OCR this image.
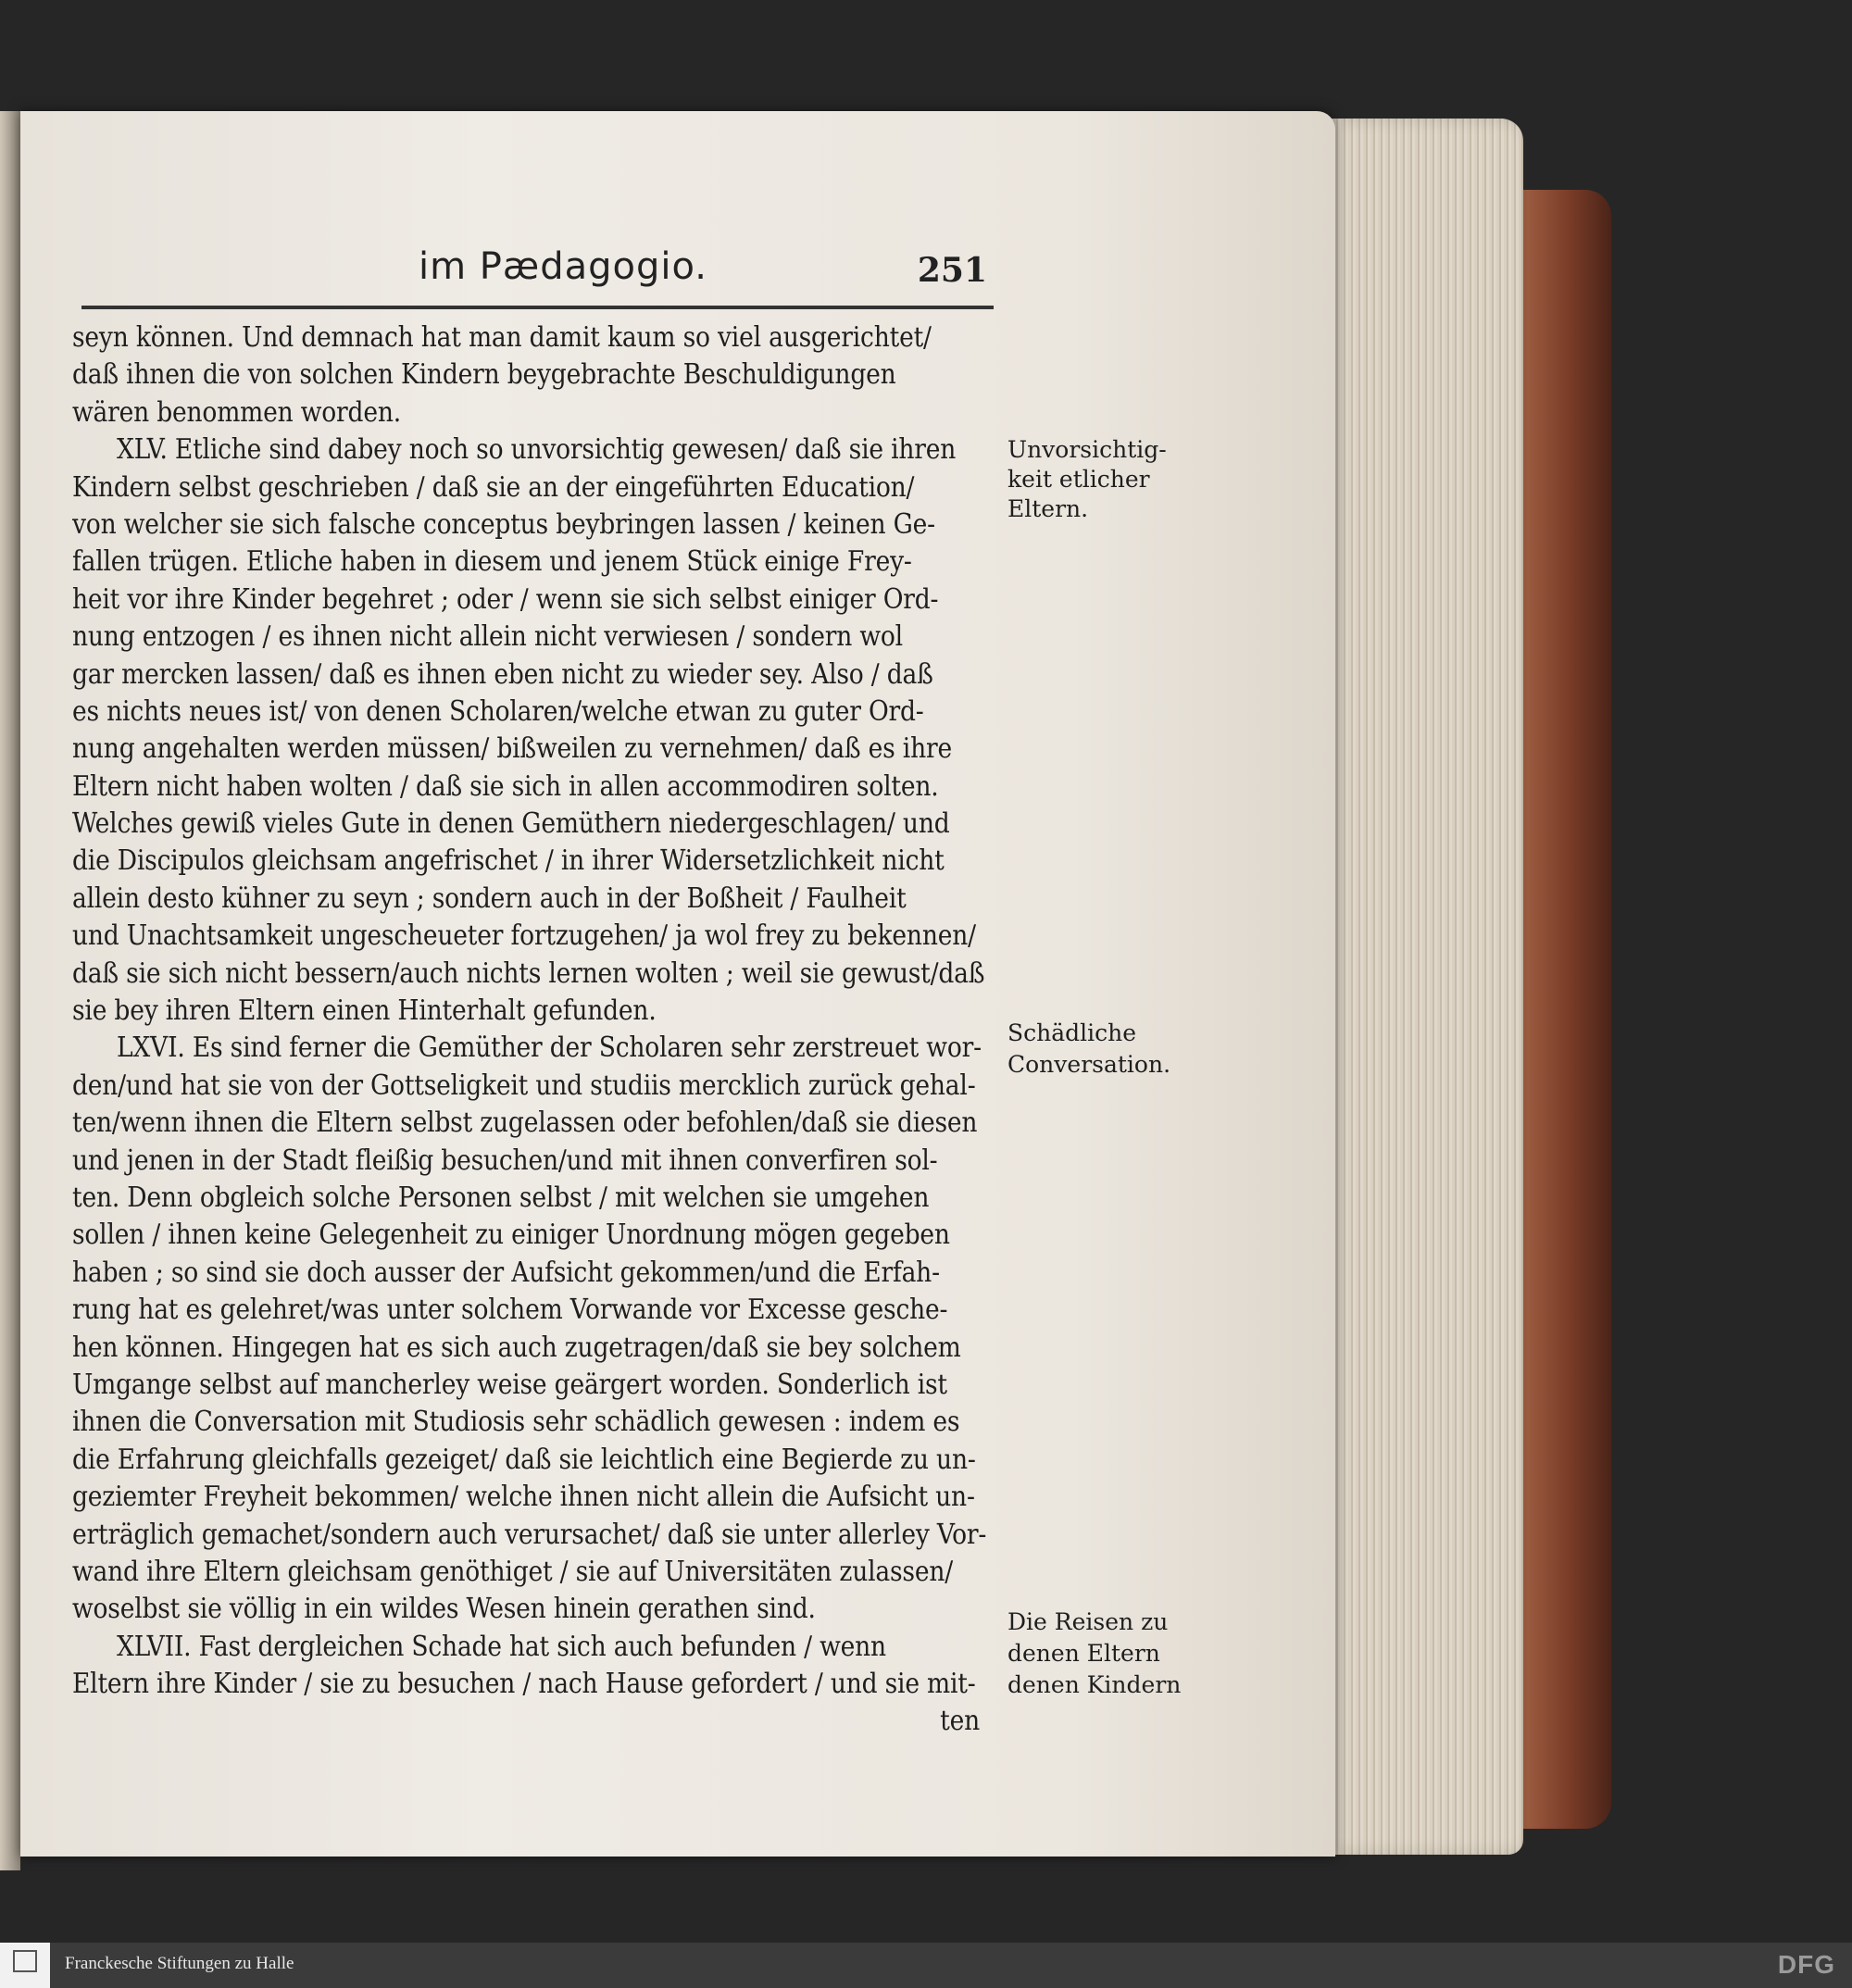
im Pædagogio.	251
seyn können. Und demnach hat man damit kaum so viel ausgerichtet/
daß ihnen die von solchen Kindern beygebrachte Beschuldigungen
wären benommen worden.
XLV. Etliche sind dabey noch so unvorsichtig gewesen/ daß sie ihren
Kindern selbst geschrieben / daß sie an der eingeführten Education/
von welcher sie sich falsche conceptus beybringen lassen / keinen Ge-
fallen trügen. Etliche haben in diesem und jenem Stück einige Frey-
heit vor ihre Kinder begehret ; oder / wenn sie sich selbst einiger Ord-
nung entzogen / es ihnen nicht allein nicht verwiesen / sondern wol
gar mercken lassen/ daß es ihnen eben nicht zu wieder sey. Also / daß
es nichts neues ist/ von denen Scholaren/welche etwan zu guter Ord-
nung angehalten werden müssen/ bißweilen zu vernehmen/ daß es ihre
Eltern nicht haben wolten / daß sie sich in allen accommodiren solten.
Welches gewiß vieles Gute in denen Gemüthern niedergeschlagen/ und
die Discipulos gleichsam angefrischet / in ihrer Widersetzlichkeit nicht
allein desto kühner zu seyn ; sondern auch in der Boßheit / Faulheit
und Unachtsamkeit ungescheueter fortzugehen/ ja wol frey zu bekennen/
daß sie sich nicht bessern/auch nichts lernen wolten ; weil sie gewust/daß
sie bey ihren Eltern einen Hinterhalt gefunden.
LXVI. Es sind ferner die Gemüther der Scholaren sehr zerstreuet wor-
den/und hat sie von der Gottseligkeit und studiis mercklich zurück gehal-
ten/wenn ihnen die Eltern selbst zugelassen oder befohlen/daß sie diesen
und jenen in der Stadt fleißig besuchen/und mit ihnen converfiren sol-
ten. Denn obgleich solche Personen selbst / mit welchen sie umgehen
sollen / ihnen keine Gelegenheit zu einiger Unordnung mögen gegeben
haben ; so sind sie doch ausser der Aufsicht gekommen/und die Erfah-
rung hat es gelehret/was unter solchem Vorwande vor Excesse gesche-
hen können. Hingegen hat es sich auch zugetragen/daß sie bey solchem
Umgange selbst auf mancherley weise geärgert worden. Sonderlich ist
ihnen die Conversation mit Studiosis sehr schädlich gewesen : indem es
die Erfahrung gleichfalls gezeiget/ daß sie leichtlich eine Begierde zu un-
geziemter Freyheit bekommen/ welche ihnen nicht allein die Aufsicht un-
erträglich gemachet/sondern auch verursachet/ daß sie unter allerley Vor-
wand ihre Eltern gleichsam genöthiget / sie auf Universitäten zulassen/
woselbst sie völlig in ein wildes Wesen hinein gerathen sind.
XLVII. Fast dergleichen Schade hat sich auch befunden / wenn
Eltern ihre Kinder / sie zu besuchen / nach Hause gefordert / und sie mit-
ten
Unvorsichtig-
keit etlicher
Eltern.
Schädliche
Conversation.
Die Reisen zu
denen Eltern
denen Kindern
Franckesche Stiftungen zu Halle	DFG
